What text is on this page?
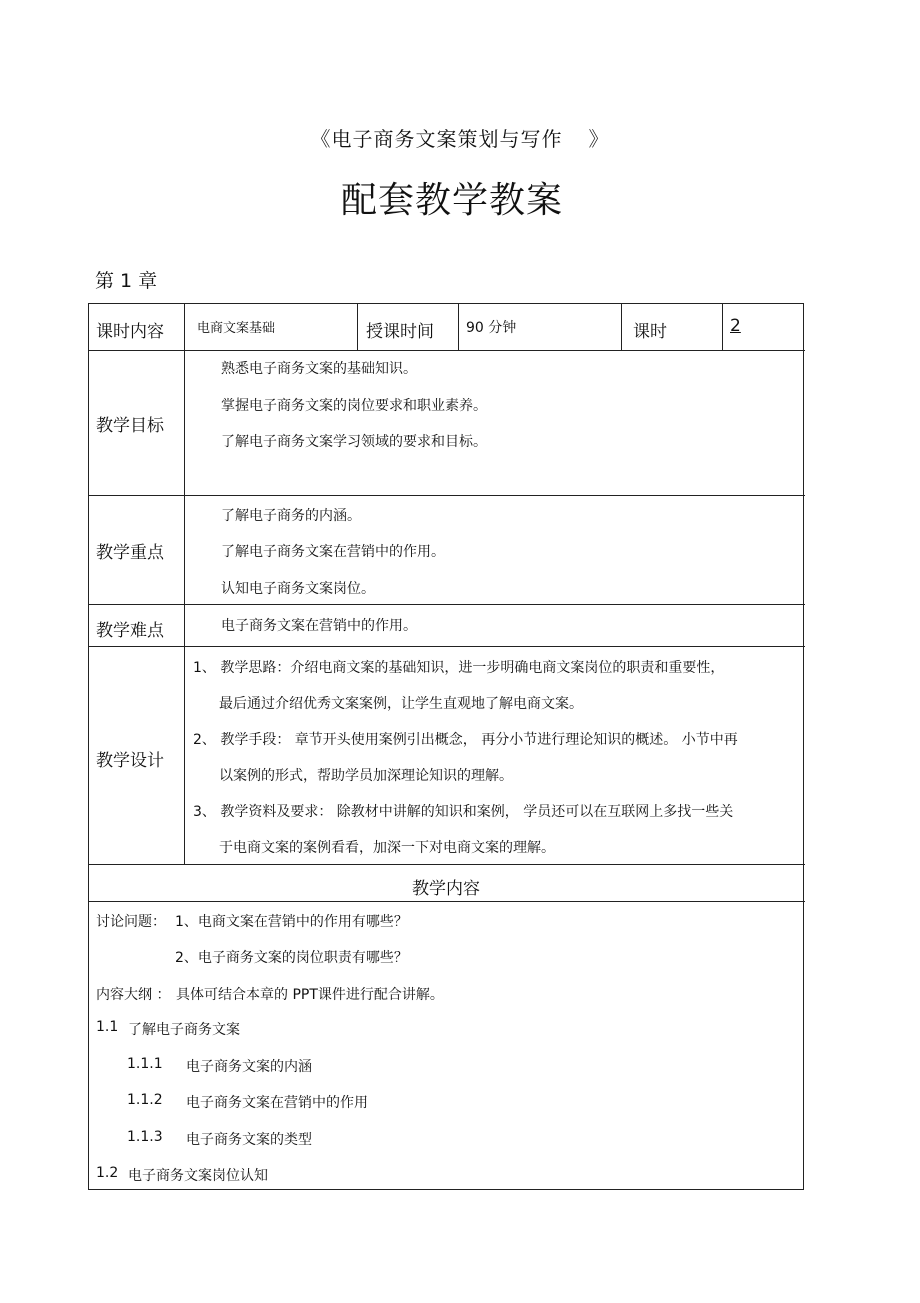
《电子商务文案策划与写作 》
配套教学教案
第 1 章
课时内容	电商文案基础	授课时间 90 分钟	课时	2
教学目标
熟悉电子商务文案的基础知识。
掌握电子商务文案的岗位要求和职业素养。
了解电子商务文案学习领域的要求和目标。
教学重点
了解电子商务的内涵。
了解电子商务文案在营销中的作用。
认知电子商务文案岗位。
教学难点	电子商务文案在营销中的作用。
教学设计
1、 教学思路：介绍电商文案的基础知识，进一步明确电商文案岗位的职责和重要性，
最后通过介绍优秀文案案例，让学生直观地了解电商文案。
2、 教学手段： 章节开头使用案例引出概念， 再分小节进行理论知识的概述。 小节中再
以案例的形式，帮助学员加深理论知识的理解。
3、 教学资料及要求： 除教材中讲解的知识和案例， 学员还可以在互联网上多找一些关
于电商文案的案例看看，加深一下对电商文案的理解。
教学内容
讨论问题： 1、电商文案在营销中的作用有哪些？
2、电子商务文案的岗位职责有哪些？
内容大纲 ： 具体可结合本章的 PPT课件进行配合讲解。
1.1 了解电子商务文案
1.1.1 电子商务文案的内涵
1.1.2 电子商务文案在营销中的作用
1.1.3 电子商务文案的类型
1.2 电子商务文案岗位认知
